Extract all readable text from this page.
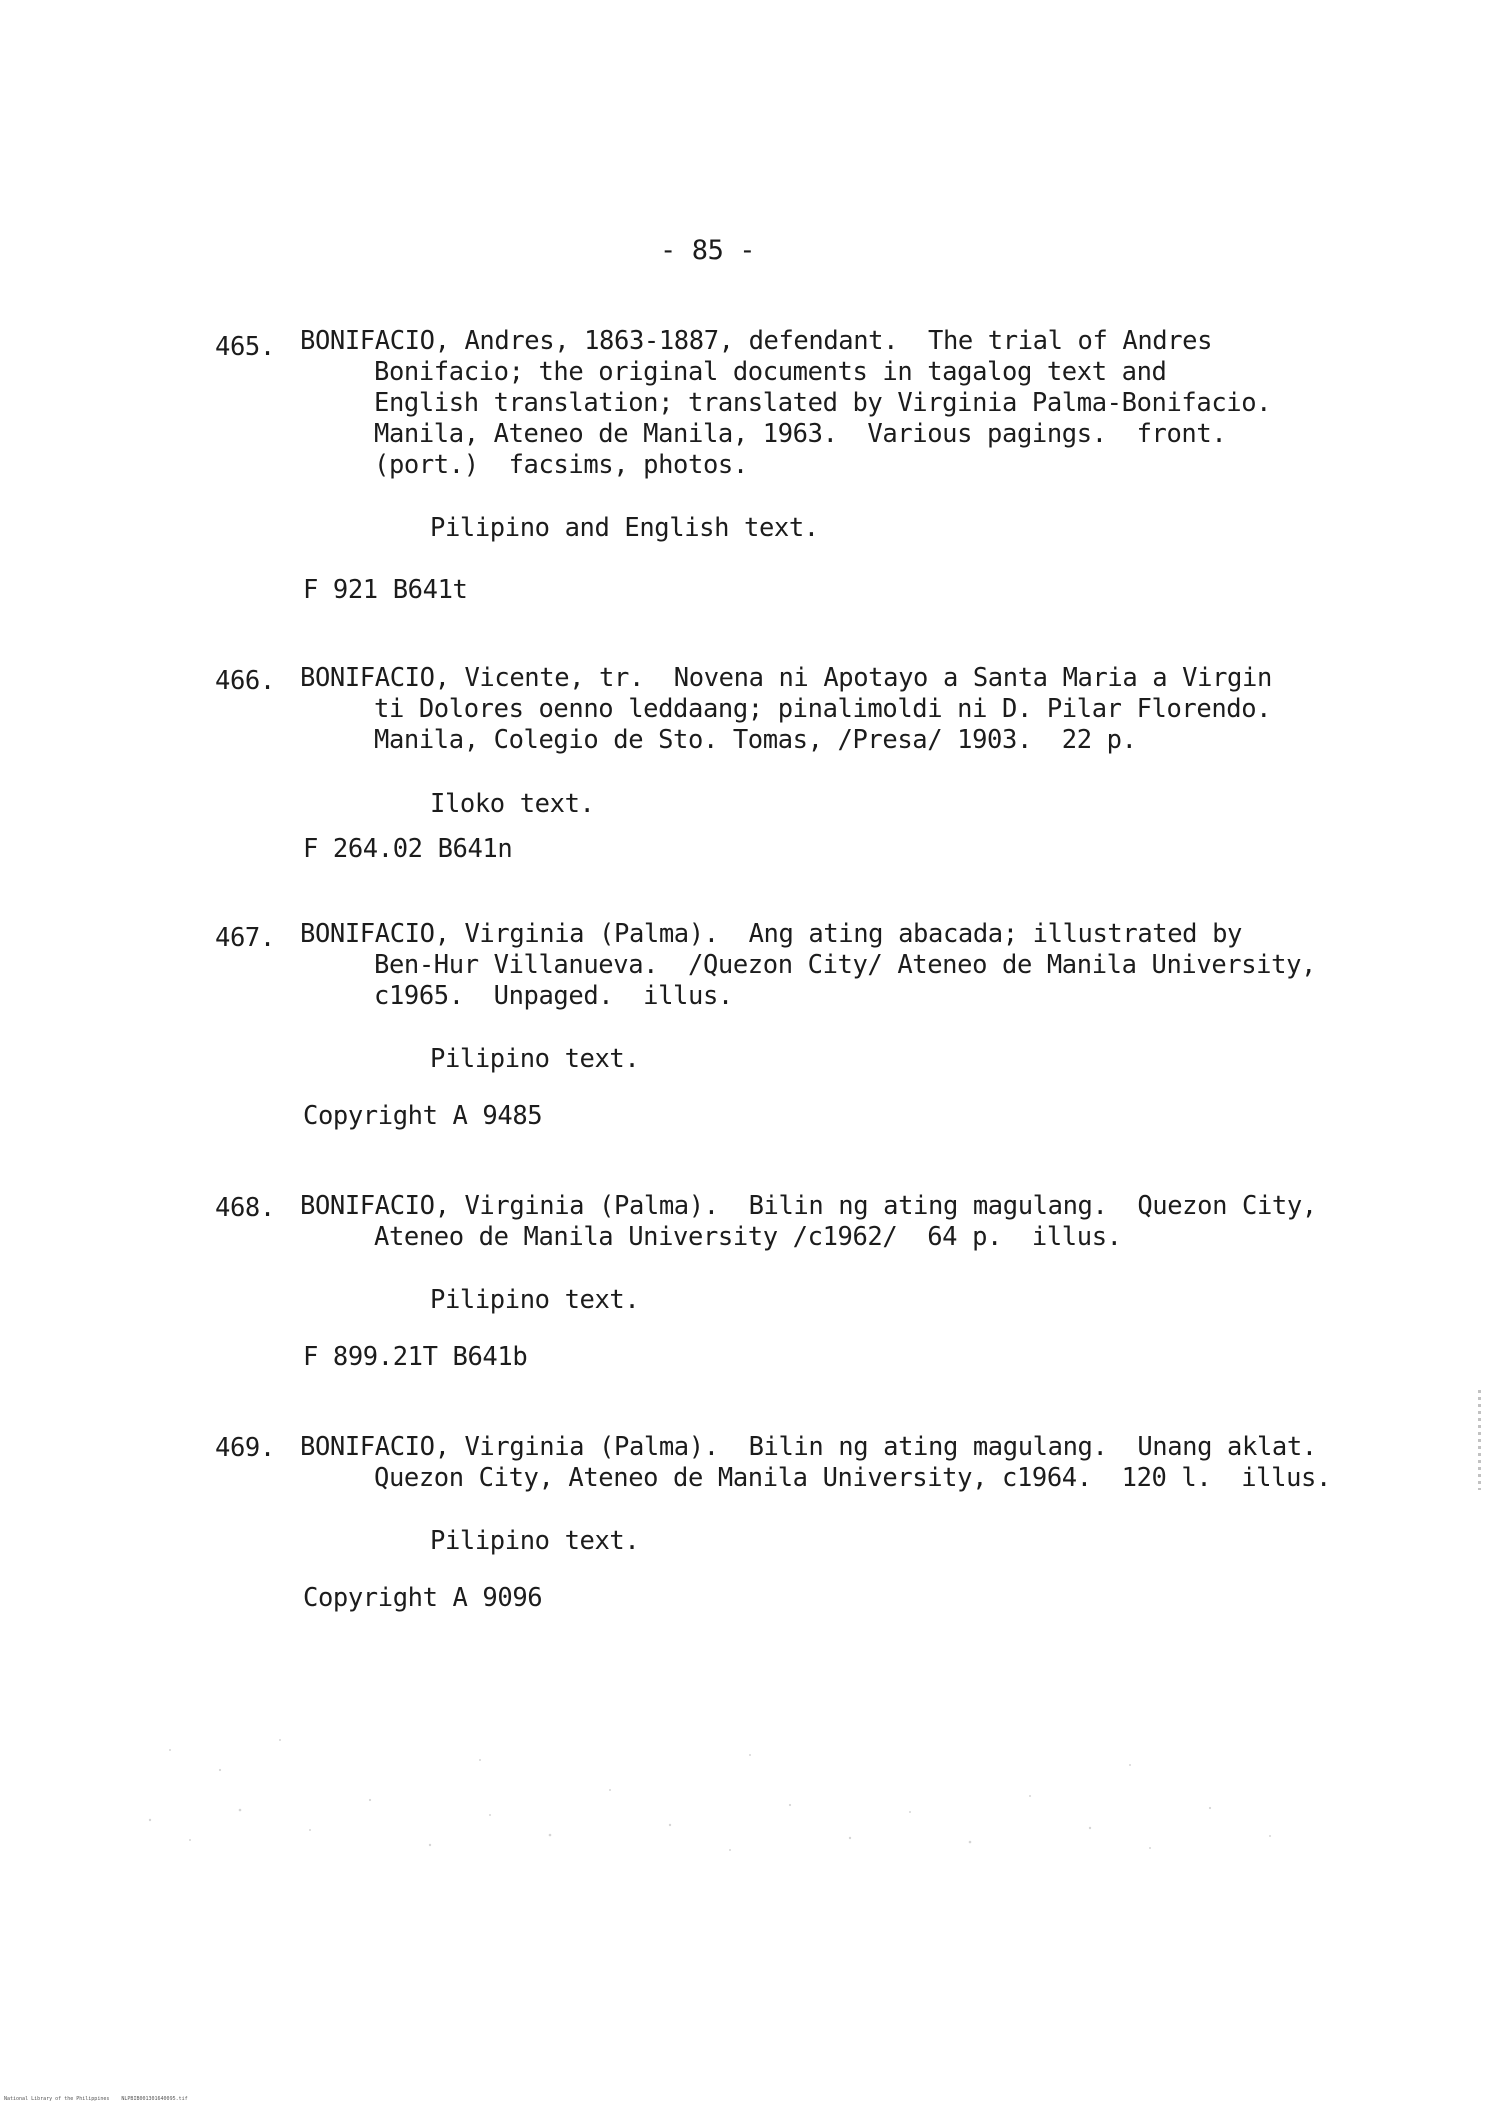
- 85 -
465. BONIFACIO, Andres, 1863-1887, defendant.  The trial of Andres
Bonifacio; the original documents in tagalog text and
English translation; translated by Virginia Palma-Bonifacio.
Manila, Ateneo de Manila, 1963.  Various pagings.  front.
(port.)  facsims, photos.
Pilipino and English text.
F 921 B641t
466. BONIFACIO, Vicente, tr.  Novena ni Apotayo a Santa Maria a Virgin
ti Dolores oenno leddaang; pinalimoldi ni D. Pilar Florendo.
Manila, Colegio de Sto. Tomas, /Presa/ 1903.  22 p.
Iloko text.
F 264.02 B641n
467. BONIFACIO, Virginia (Palma).  Ang ating abacada; illustrated by
Ben-Hur Villanueva.  /Quezon City/ Ateneo de Manila University,
c1965.  Unpaged.  illus.
Pilipino text.
Copyright A 9485
468. BONIFACIO, Virginia (Palma).  Bilin ng ating magulang.  Quezon City,
Ateneo de Manila University /c1962/  64 p.  illus.
Pilipino text.
F 899.21T B641b
469. BONIFACIO, Virginia (Palma).  Bilin ng ating magulang.  Unang aklat.
Quezon City, Ateneo de Manila University, c1964.  120 l.  illus.
Pilipino text.
Copyright A 9096
National Library of the Philippines    NLPBIB001301640095.tif
